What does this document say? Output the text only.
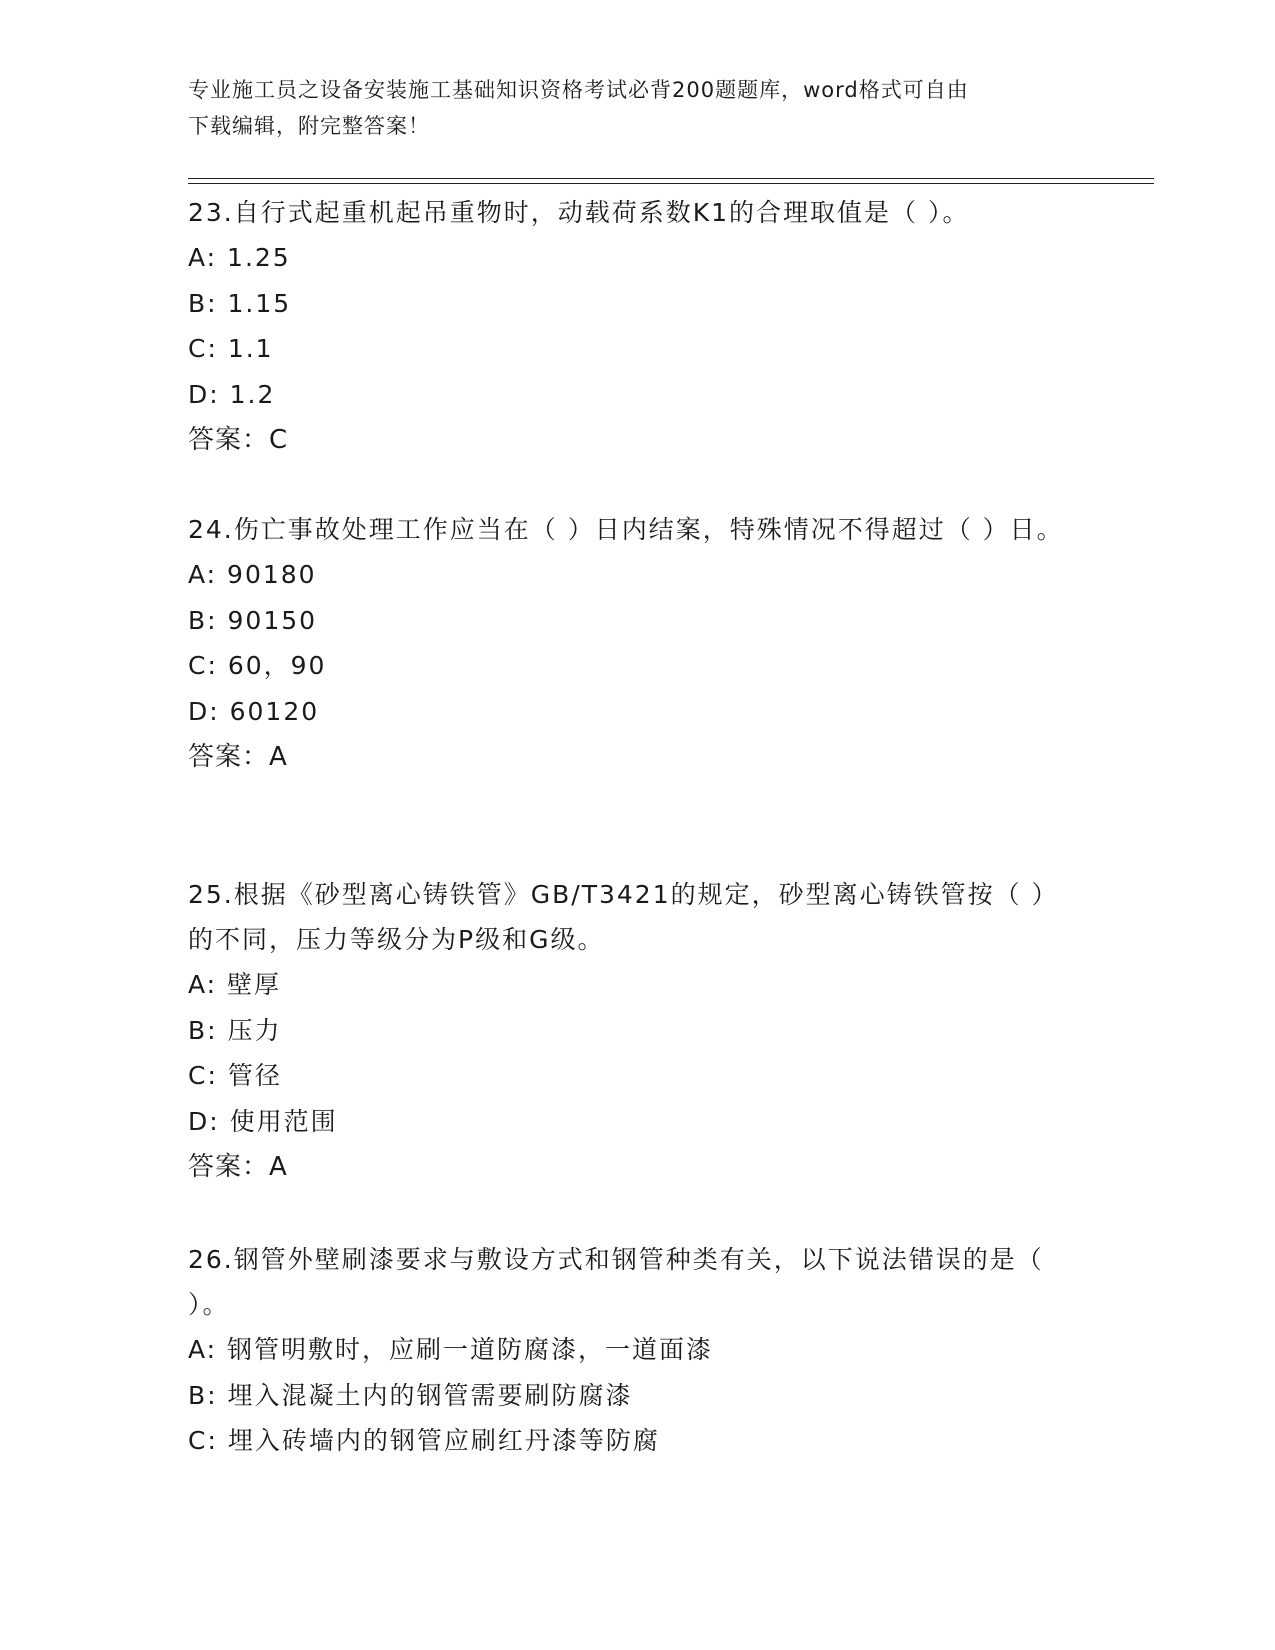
专业施工员之设备安装施工基础知识资格考试必背200题题库，word格式可自由
下载编辑，附完整答案！
23.自行式起重机起吊重物时，动载荷系数K1的合理取值是（ ）。
A: 1.25
B: 1.15
C: 1.1
D: 1.2
答案：C
24.伤亡事故处理工作应当在（ ）日内结案，特殊情况不得超过（ ）日。
A: 90180
B: 90150
C: 60，90
D: 60120
答案：A
25.根据《砂型离心铸铁管》GB/T3421的规定，砂型离心铸铁管按（ ）的不同，压力等级分为P级和G级。
A: 壁厚
B: 压力
C: 管径
D: 使用范围
答案：A
26.钢管外壁刷漆要求与敷设方式和钢管种类有关，以下说法错误的是（ ）。
A: 钢管明敷时，应刷一道防腐漆，一道面漆
B: 埋入混凝土内的钢管需要刷防腐漆
C: 埋入砖墙内的钢管应刷红丹漆等防腐
